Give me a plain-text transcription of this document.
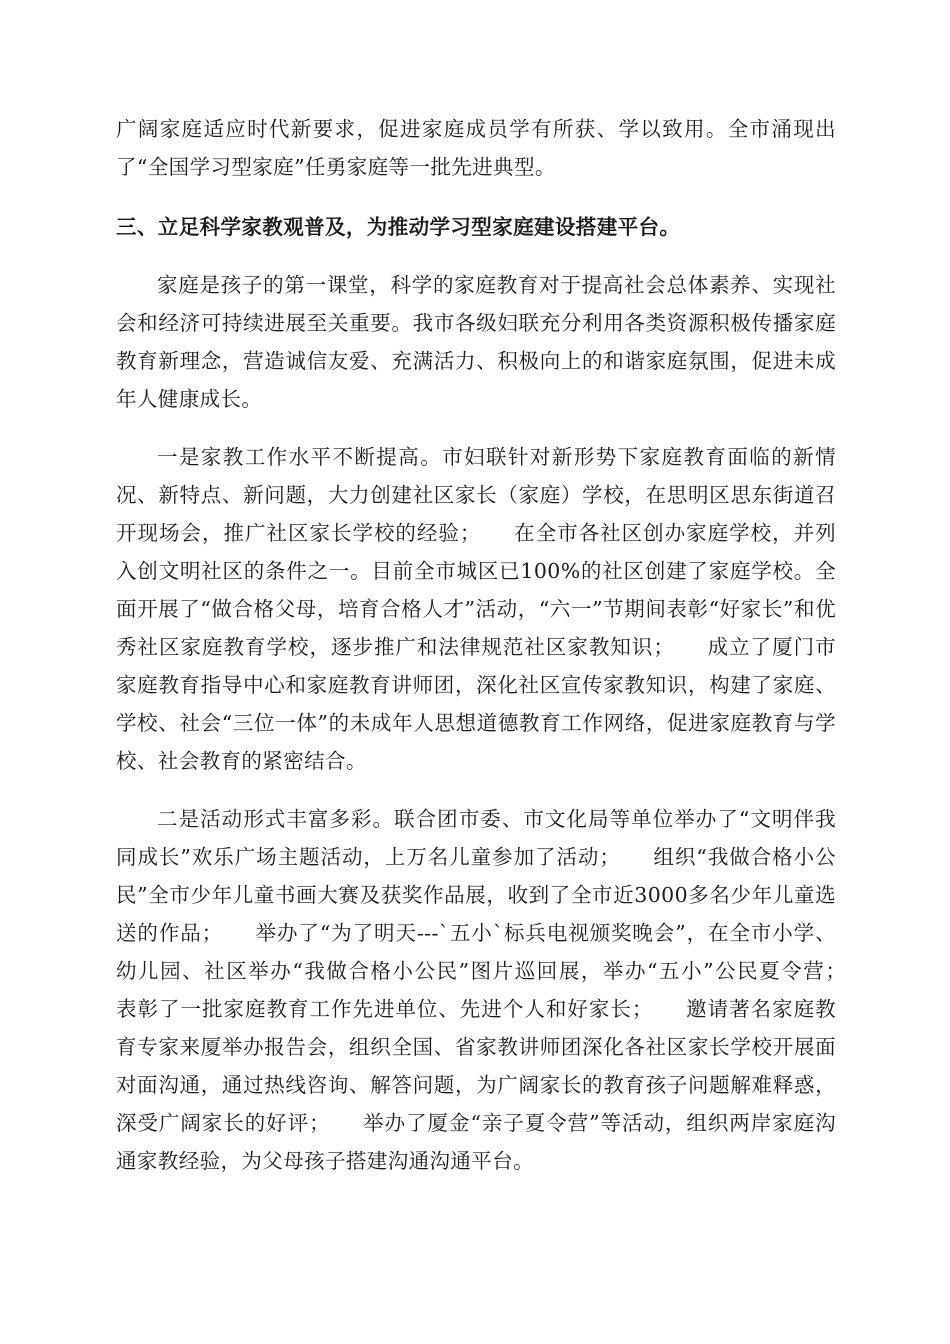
广阔家庭适应时代新要求，促进家庭成员学有所获、学以致用。全市涌现出了“全国学习型家庭”任勇家庭等一批先进典型。

三、立足科学家教观普及，为推动学习型家庭建设搭建平台。

家庭是孩子的第一课堂，科学的家庭教育对于提高社会总体素养、实现社会和经济可持续进展至关重要。我市各级妇联充分利用各类资源积极传播家庭教育新理念，营造诚信友爱、充满活力、积极向上的和谐家庭氛围，促进未成年人健康成长。

一是家教工作水平不断提高。市妇联针对新形势下家庭教育面临的新情况、新特点、新问题，大力创建社区家长（家庭）学校，在思明区思东街道召开现场会，推广社区家长学校的经验；　　在全市各社区创办家庭学校，并列入创文明社区的条件之一。目前全市城区已100%的社区创建了家庭学校。全面开展了“做合格父母，培育合格人才”活动，“六一”节期间表彰“好家长”和优秀社区家庭教育学校，逐步推广和法律规范社区家教知识；　　成立了厦门市家庭教育指导中心和家庭教育讲师团，深化社区宣传家教知识，构建了家庭、学校、社会“三位一体”的未成年人思想道德教育工作网络，促进家庭教育与学校、社会教育的紧密结合。

二是活动形式丰富多彩。联合团市委、市文化局等单位举办了“文明伴我同成长”欢乐广场主题活动，上万名儿童参加了活动；　　组织“我做合格小公民”全市少年儿童书画大赛及获奖作品展，收到了全市近3000多名少年儿童选送的作品；　　举办了“为了明天---`五小`标兵电视颁奖晚会”，在全市小学、幼儿园、社区举办“我做合格小公民”图片巡回展，举办“五小”公民夏令营；　　表彰了一批家庭教育工作先进单位、先进个人和好家长；　　邀请著名家庭教育专家来厦举办报告会，组织全国、省家教讲师团深化各社区家长学校开展面对面沟通，通过热线咨询、解答问题，为广阔家长的教育孩子问题解难释惑，深受广阔家长的好评；　　举办了厦金“亲子夏令营”等活动，组织两岸家庭沟通家教经验，为父母孩子搭建沟通沟通平台。
